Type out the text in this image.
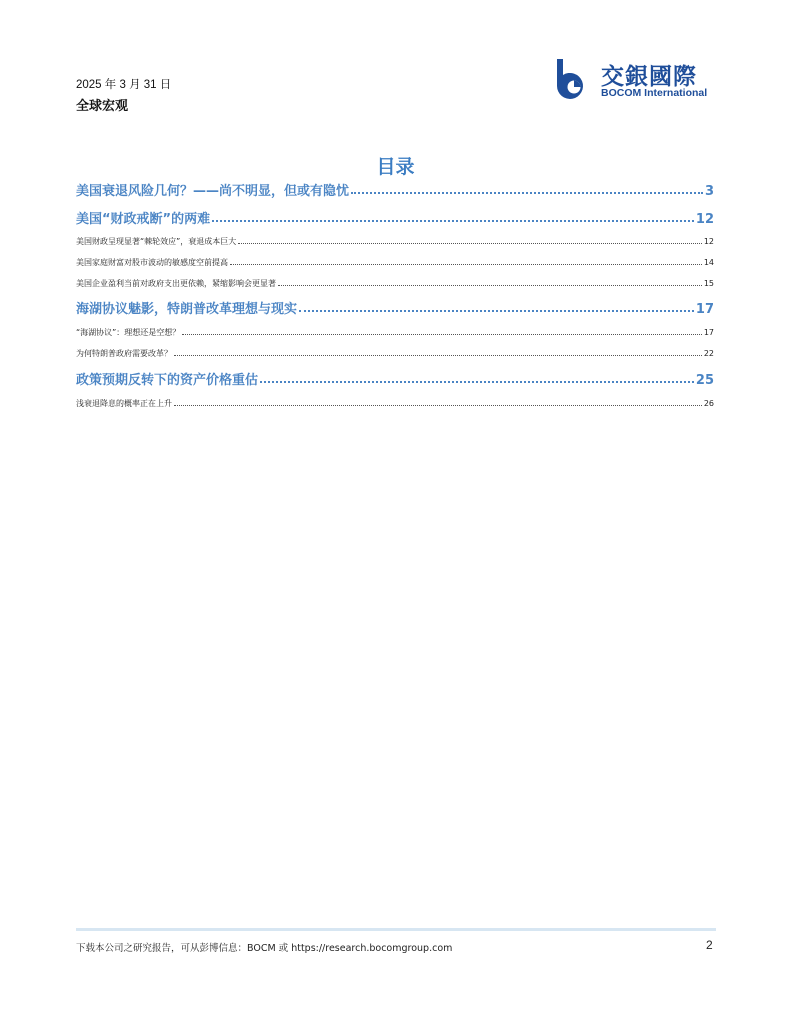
2025 年 3 月 31 日
全球宏观
交銀國際
BOCOM International
目录
美国衰退风险几何？——尚不明显，但或有隐忧	3
美国“财政戒断”的两难	12
美国财政呈现显著“棘轮效应”，衰退成本巨大	12
美国家庭财富对股市波动的敏感度空前提高	14
美国企业盈利当前对政府支出更依赖，紧缩影响会更显著	15
海湖协议魅影，特朗普改革理想与现实	17
“海湖协议”：理想还是空想？	17
为何特朗普政府需要改革？	22
政策预期反转下的资产价格重估	25
浅衰退降息的概率正在上升	26
下载本公司之研究报告，可从彭博信息：BOCM 或 https://research.bocomgroup.com	2
